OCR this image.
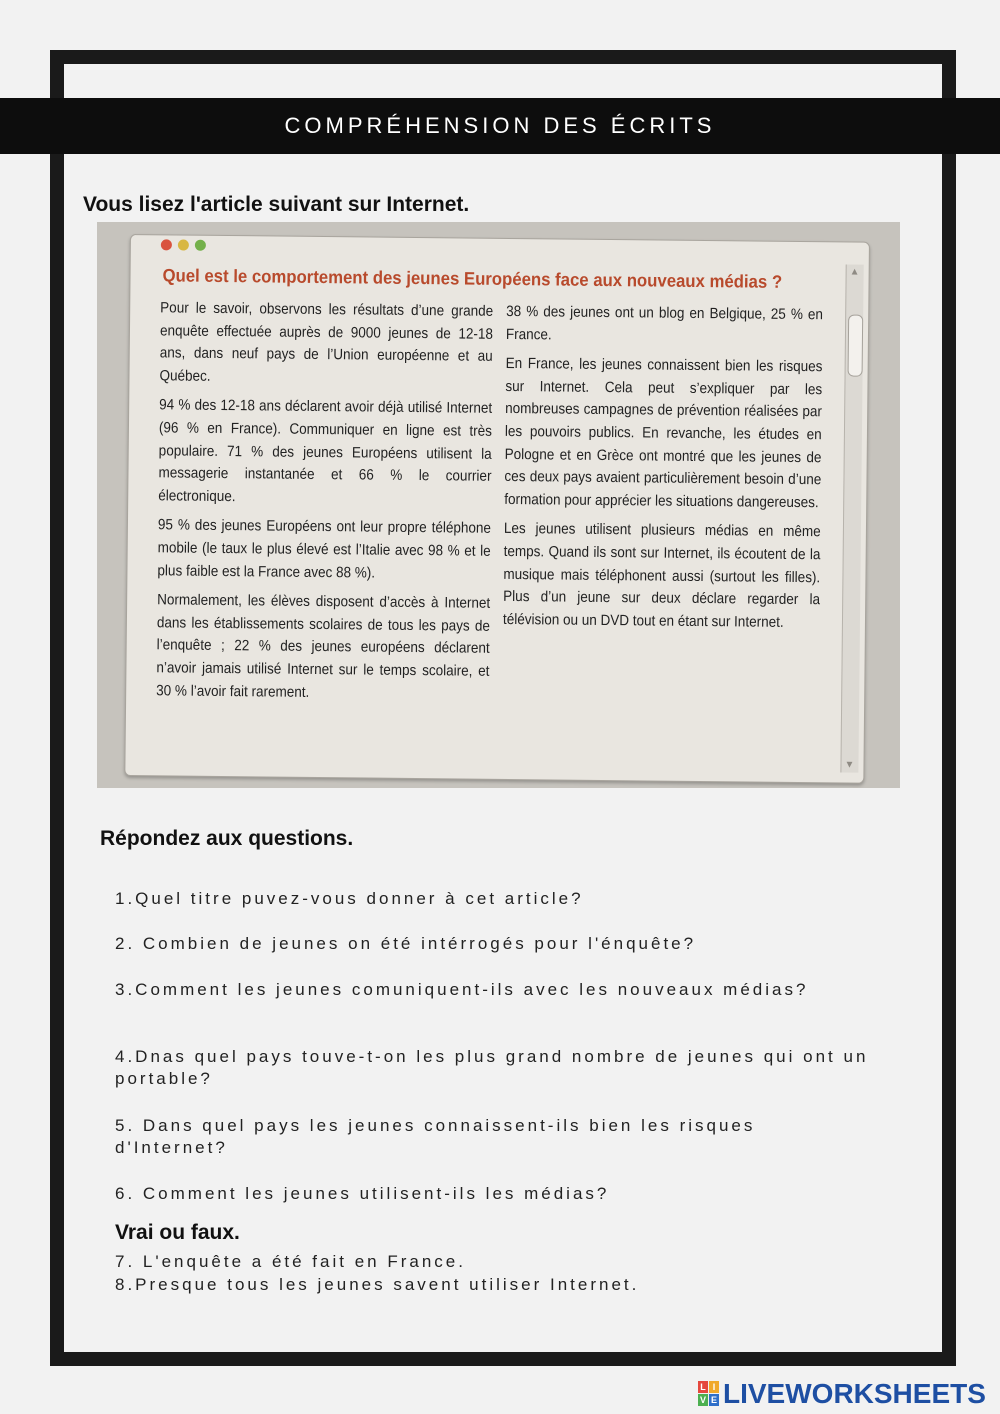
COMPRÉHENSION DES ÉCRITS
Vous lisez l'article suivant sur Internet.
Quel est le comportement des jeunes Européens face aux nouveaux médias ?

Pour le savoir, observons les résultats d’une grande enquête effectuée auprès de 9000 jeunes de 12-18 ans, dans neuf pays de l’Union européenne et au Québec.

94 % des 12-18 ans déclarent avoir déjà utilisé Internet (96 % en France). Communiquer en ligne est très populaire. 71 % des jeunes Européens utilisent la messagerie instantanée et 66 % le courrier électronique.

95 % des jeunes Européens ont leur propre téléphone mobile (le taux le plus élevé est l’Italie avec 98 % et le plus faible est la France avec 88 %).

Normalement, les élèves disposent d’accès à Internet dans les établissements scolaires de tous les pays de l’enquête ; 22 % des jeunes européens déclarent n’avoir jamais utilisé Internet sur le temps scolaire, et 30 % l’avoir fait rarement.

38 % des jeunes ont un blog en Belgique, 25 % en France.

En France, les jeunes connaissent bien les risques sur Internet. Cela peut s’expliquer par les nombreuses campagnes de prévention réalisées par les pouvoirs publics. En revanche, les études en Pologne et en Grèce ont montré que les jeunes de ces deux pays avaient particulièrement besoin d’une formation pour apprécier les situations dangereuses.

Les jeunes utilisent plusieurs médias en même temps. Quand ils sont sur Internet, ils écoutent de la musique mais téléphonent aussi (surtout les filles). Plus d’un jeune sur deux déclare regarder la télévision ou un DVD tout en étant sur Internet.

▲
▼
Répondez aux questions.
1.Quel titre puvez-vous donner à cet article?
2. Combien de jeunes on été intérrogés pour l'énquête?
3.Comment les jeunes comuniquent-ils avec les nouveaux médias?
4.Dnas quel pays touve-t-on les plus grand nombre de jeunes qui ont un portable?
5. Dans quel pays les jeunes connaissent-ils bien les risques d'Internet?
6. Comment les jeunes utilisent-ils les médias?
Vrai ou faux.
7. L'enquête a été fait en France.
8.Presque tous les jeunes savent utiliser Internet.
L I
V E LIVEWORKSHEETS
